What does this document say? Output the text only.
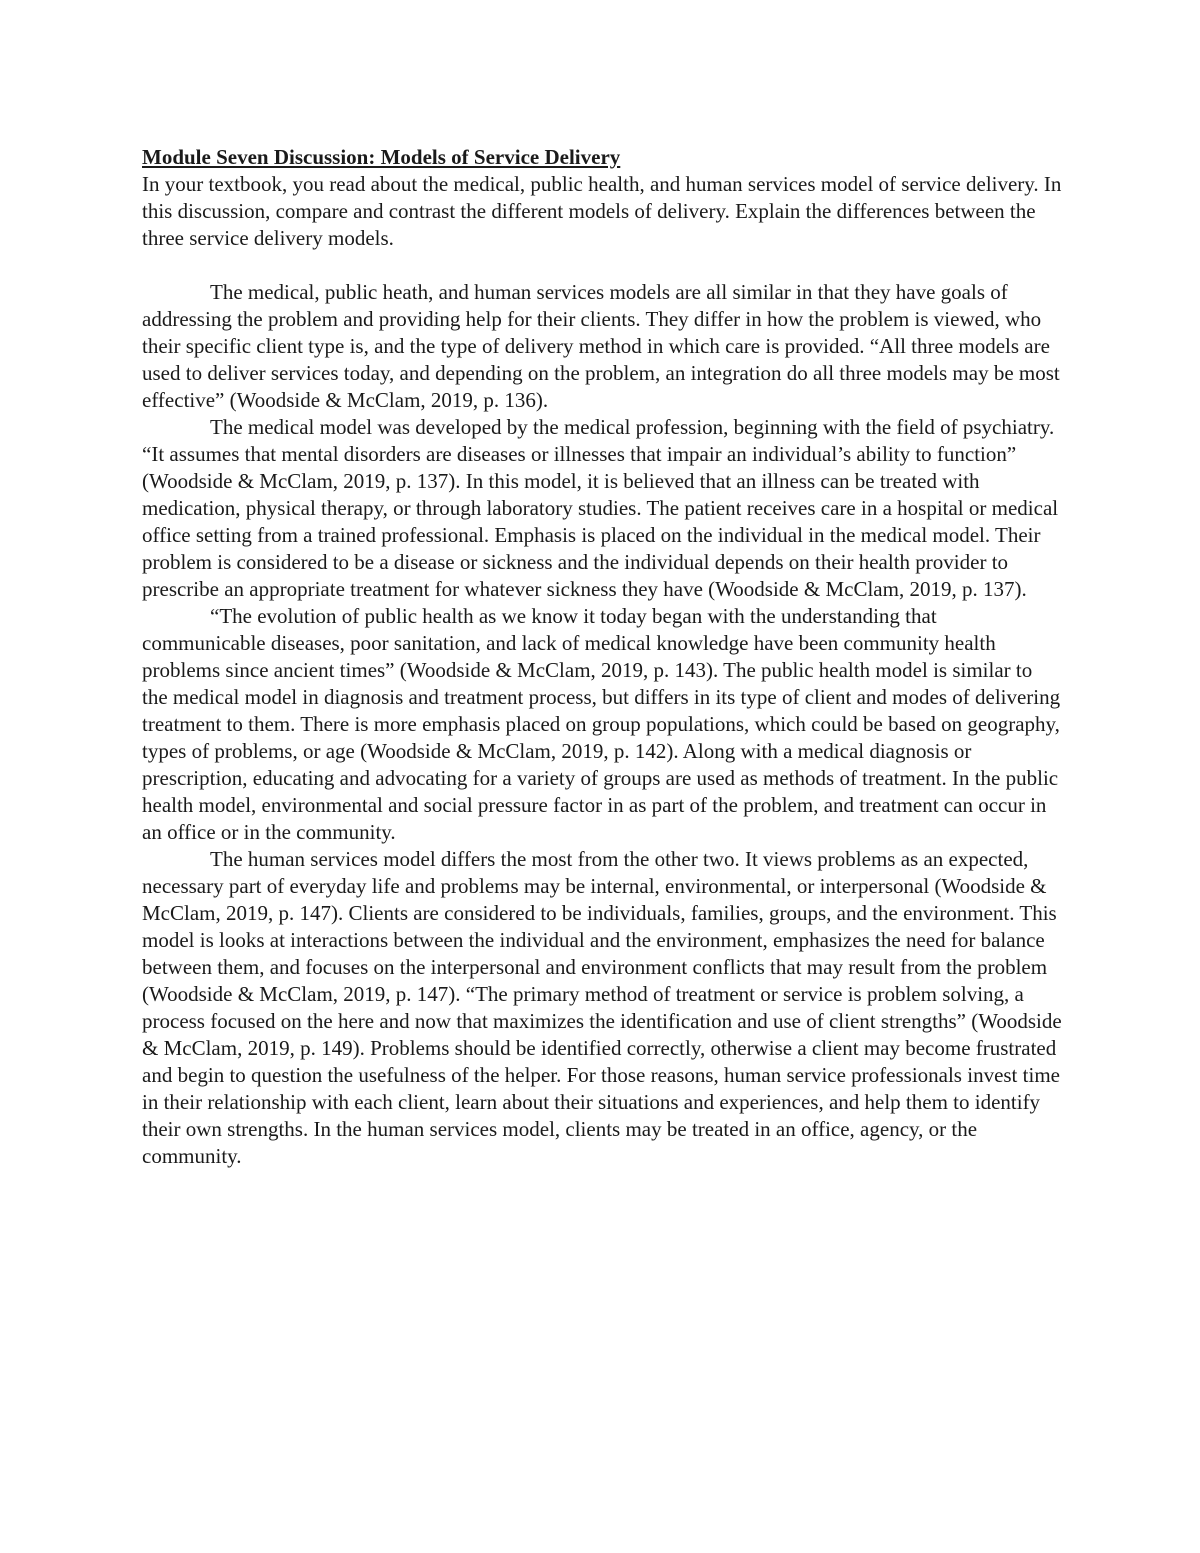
Module Seven Discussion: Models of Service Delivery

In your textbook, you read about the medical, public health, and human services model of service delivery. In this discussion, compare and contrast the different models of delivery. Explain the differences between the three service delivery models.

The medical, public heath, and human services models are all similar in that they have goals of addressing the problem and providing help for their clients. They differ in how the problem is viewed, who their specific client type is, and the type of delivery method in which care is provided. “All three models are used to deliver services today, and depending on the problem, an integration do all three models may be most effective” (Woodside & McClam, 2019, p. 136).

The medical model was developed by the medical profession, beginning with the field of psychiatry. “It assumes that mental disorders are diseases or illnesses that impair an individual’s ability to function” (Woodside & McClam, 2019, p. 137). In this model, it is believed that an illness can be treated with medication, physical therapy, or through laboratory studies. The patient receives care in a hospital or medical office setting from a trained professional. Emphasis is placed on the individual in the medical model. Their problem is considered to be a disease or sickness and the individual depends on their health provider to prescribe an appropriate treatment for whatever sickness they have (Woodside & McClam, 2019, p. 137).

“The evolution of public health as we know it today began with the understanding that communicable diseases, poor sanitation, and lack of medical knowledge have been community health problems since ancient times” (Woodside & McClam, 2019, p. 143). The public health model is similar to the medical model in diagnosis and treatment process, but differs in its type of client and modes of delivering treatment to them. There is more emphasis placed on group populations, which could be based on geography, types of problems, or age (Woodside & McClam, 2019, p. 142). Along with a medical diagnosis or prescription, educating and advocating for a variety of groups are used as methods of treatment. In the public health model, environmental and social pressure factor in as part of the problem, and treatment can occur in an office or in the community.

The human services model differs the most from the other two. It views problems as an expected, necessary part of everyday life and problems may be internal, environmental, or interpersonal (Woodside & McClam, 2019, p. 147). Clients are considered to be individuals, families, groups, and the environment. This model is looks at interactions between the individual and the environment, emphasizes the need for balance between them, and focuses on the interpersonal and environment conflicts that may result from the problem (Woodside & McClam, 2019, p. 147). “The primary method of treatment or service is problem solving, a process focused on the here and now that maximizes the identification and use of client strengths” (Woodside & McClam, 2019, p. 149). Problems should be identified correctly, otherwise a client may become frustrated and begin to question the usefulness of the helper. For those reasons, human service professionals invest time in their relationship with each client, learn about their situations and experiences, and help them to identify their own strengths. In the human services model, clients may be treated in an office, agency, or the community.
